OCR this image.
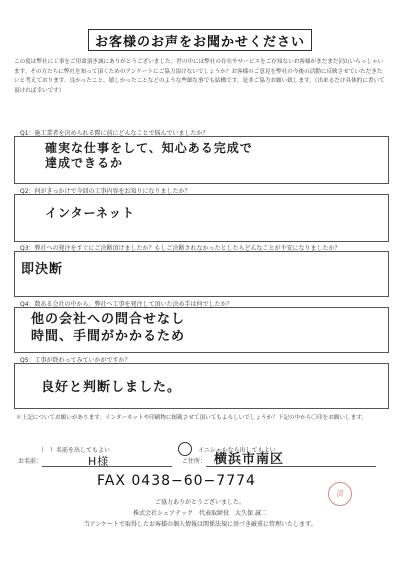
お客様のお声をお聞かせください
この度は弊社に工事をご用命頂き誠にありがとうございました。世の中には弊社の存在やサービスをご存知ないお客様がまだまだ沢山いらっしゃいます。その方たちに弊社を知って頂くためのアンケートにご協力頂けないでしょうか？お客様のご意見を弊社の今後の活動に反映させていただきたいと考えております。良かったこと、嬉しかったことなどのような些細な事でも結構です。是非ご協力お願い致します。（出来るだけ具体的に書いて頂ければ幸いです）
Q1：施工業者を決められる際に前にどんなことで悩んでいましたか？
確実な仕事をして、知心ある完成で
達成できるか
Q2：何がきっかけで今回の工事内容をお知りになりましたか？
インターネット
Q3：弊社への発注をすぐにご決断頂けましたか？もしご決断されなかったとしたらどんなことが不安になりましたか？
即決断
Q4：数ある会社の中から、弊社へ工事を発注して頂いた決め手は何でしたか？
他の会社への問合せなし
時間、手間がかかるため
Q5：工事が終わってみていかがですか？
良好と判断しました。
＊上記についてお願いがあります。インターネットや印刷物に掲載させて頂いてもよろしいでしょうか？下記の中から〇印をお願いします。
（　）名前を出してもよい	イニシャルなら出してもよい
お名前：	H様	ご住所： 横浜市南区
FAX 0438−60−7774
済
ご協力ありがとうございました。
株式会社シェアテック　代表取締役　大久保 誠二
当アンケートで取得したお客様の個人情報は関係法規に基づき厳重に管理いたします。
